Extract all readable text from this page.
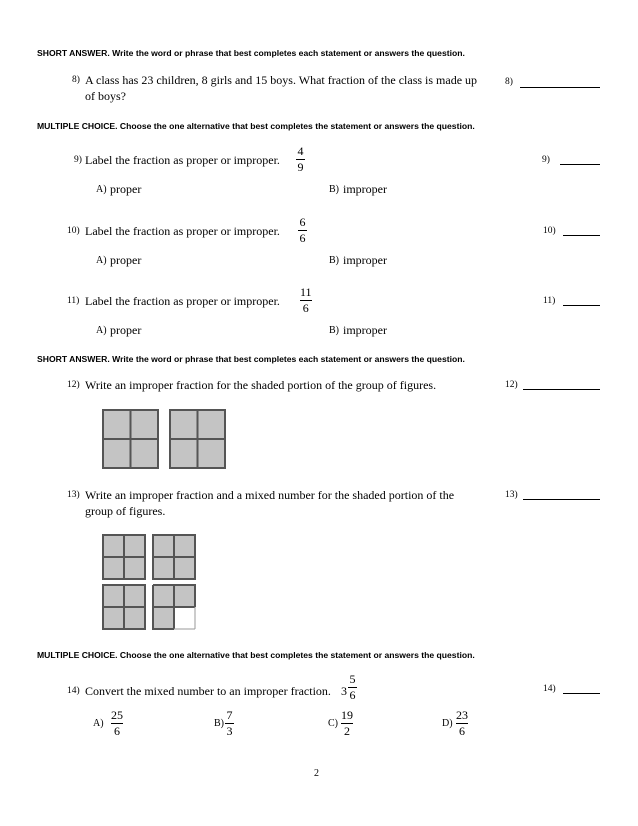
SHORT ANSWER. Write the word or phrase that best completes each statement or answers the question.
8) A class has 23 children, 8 girls and 15 boys. What fraction of the class is made up
of boys?
8)
MULTIPLE CHOICE. Choose the one alternative that best completes the statement or answers the question.
9) Label the fraction as proper or improper.
4
9	9)
A) proper	B) improper
10) Label the fraction as proper or improper.
6
6	10)
A) proper	B) improper
11) Label the fraction as proper or improper.
11
6	11)
A) proper	B) improper
SHORT ANSWER. Write the word or phrase that best completes each statement or answers the question.
12) Write an improper fraction for the shaded portion of the group of figures.	12)
13) Write an improper fraction and a mixed number for the shaded portion of the
group of figures.
13)
MULTIPLE CHOICE. Choose the one alternative that best completes the statement or answers the question.
14) Convert the mixed number to an improper fraction. 3
5
6	14)
A)
25
6
B)
7
3
C)
19
2
D)
23
6
2
